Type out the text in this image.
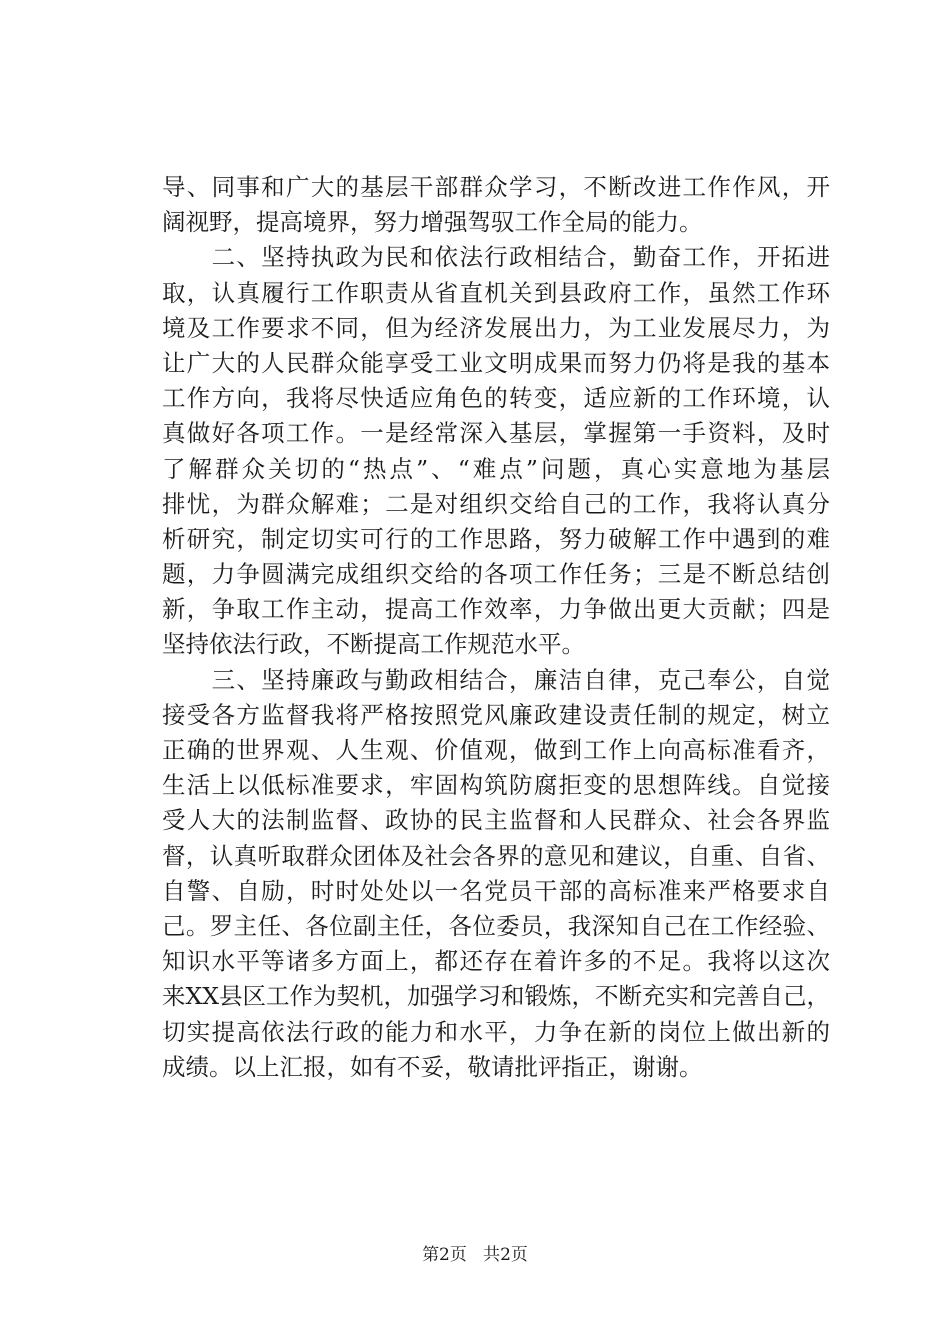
导、同事和广大的基层干部群众学习，不断改进工作作风，开
阔视野，提高境界，努力增强驾驭工作全局的能力。
　　二、坚持执政为民和依法行政相结合，勤奋工作，开拓进
取，认真履行工作职责从省直机关到县政府工作，虽然工作环
境及工作要求不同，但为经济发展出力，为工业发展尽力，为
让广大的人民群众能享受工业文明成果而努力仍将是我的基本
工作方向，我将尽快适应角色的转变，适应新的工作环境，认
真做好各项工作。一是经常深入基层，掌握第一手资料，及时
了解群众关切的“热点”、“难点”问题，真心实意地为基层
排忧，为群众解难；二是对组织交给自己的工作，我将认真分
析研究，制定切实可行的工作思路，努力破解工作中遇到的难
题，力争圆满完成组织交给的各项工作任务；三是不断总结创
新，争取工作主动，提高工作效率，力争做出更大贡献；四是
坚持依法行政，不断提高工作规范水平。
　　三、坚持廉政与勤政相结合，廉洁自律，克己奉公，自觉
接受各方监督我将严格按照党风廉政建设责任制的规定，树立
正确的世界观、人生观、价值观，做到工作上向高标准看齐，
生活上以低标准要求，牢固构筑防腐拒变的思想阵线。自觉接
受人大的法制监督、政协的民主监督和人民群众、社会各界监
督，认真听取群众团体及社会各界的意见和建议，自重、自省、
自警、自励，时时处处以一名党员干部的高标准来严格要求自
己。罗主任、各位副主任，各位委员，我深知自己在工作经验、
知识水平等诸多方面上，都还存在着许多的不足。我将以这次
来XX县区工作为契机，加强学习和锻炼，不断充实和完善自己，
切实提高依法行政的能力和水平，力争在新的岗位上做出新的
成绩。以上汇报，如有不妥，敬请批评指正，谢谢。
第2页 共2页
